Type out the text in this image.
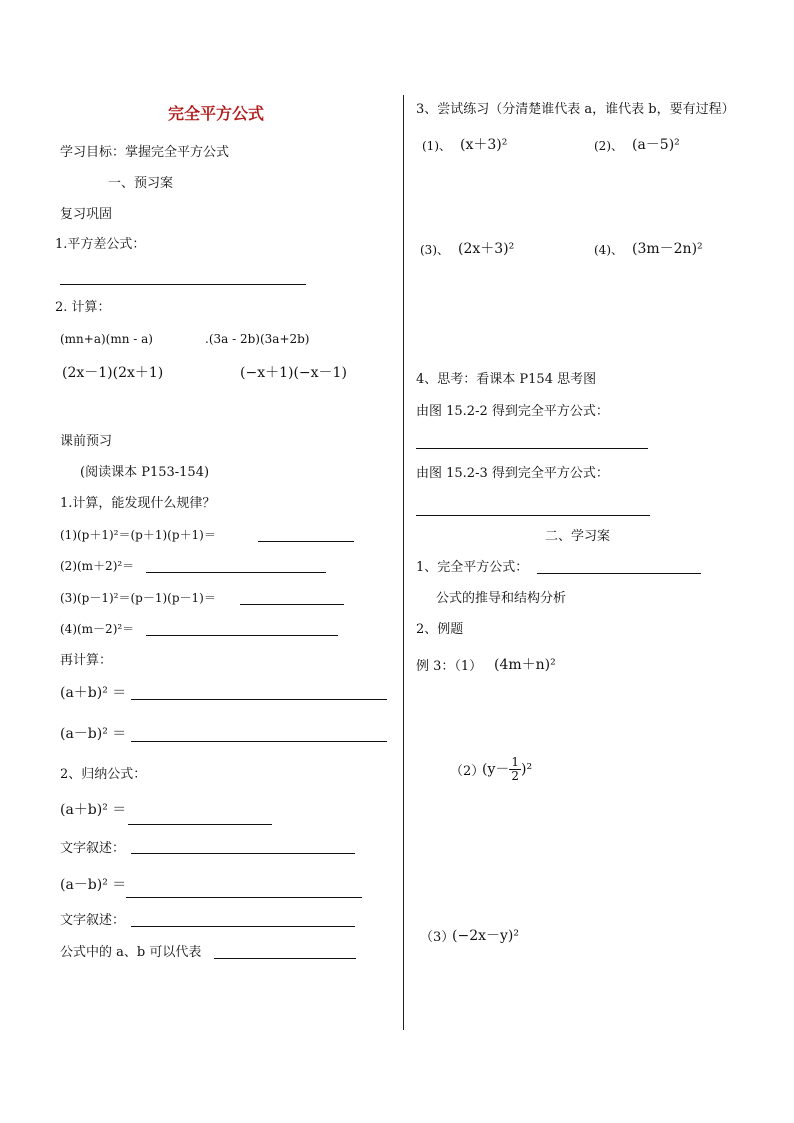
完全平方公式
学习目标：掌握完全平方公式
一、预习案
复习巩固
1.平方差公式：
2. 计算：
(mn+a)(mn - a)	.(3a - 2b)(3a+2b)
(2x－1)(2x＋1)	(−x＋1)(−x－1)
课前预习
(阅读课本 P153-154)
1.计算，能发现什么规律？
(1)(p＋1)²＝(p＋1)(p＋1)＝
(2)(m＋2)²＝
(3)(p－1)²＝(p－1)(p－1)＝
(4)(m－2)²＝
再计算：
(a＋b)² ＝
(a－b)² ＝
2、归纳公式：
(a＋b)² ＝
文字叙述：
(a－b)² ＝
文字叙述：
公式中的 a、b 可以代表
3、尝试练习（分清楚谁代表 a，谁代表 b，要有过程）
(1)、 (x＋3)²	(2)、 (a－5)²
(3)、 (2x＋3)²	(4)、 (3m－2n)²
4、思考：看课本 P154 思考图
由图 15.2-2 得到完全平方公式：
由图 15.2-3 得到完全平方公式：
二、学习案
1、完全平方公式：
公式的推导和结构分析
2、例题
例 3：（1） (4m＋n)²
（2）
$(y- \frac{1}{2} )^2$
（3）
(−2x－y)²
